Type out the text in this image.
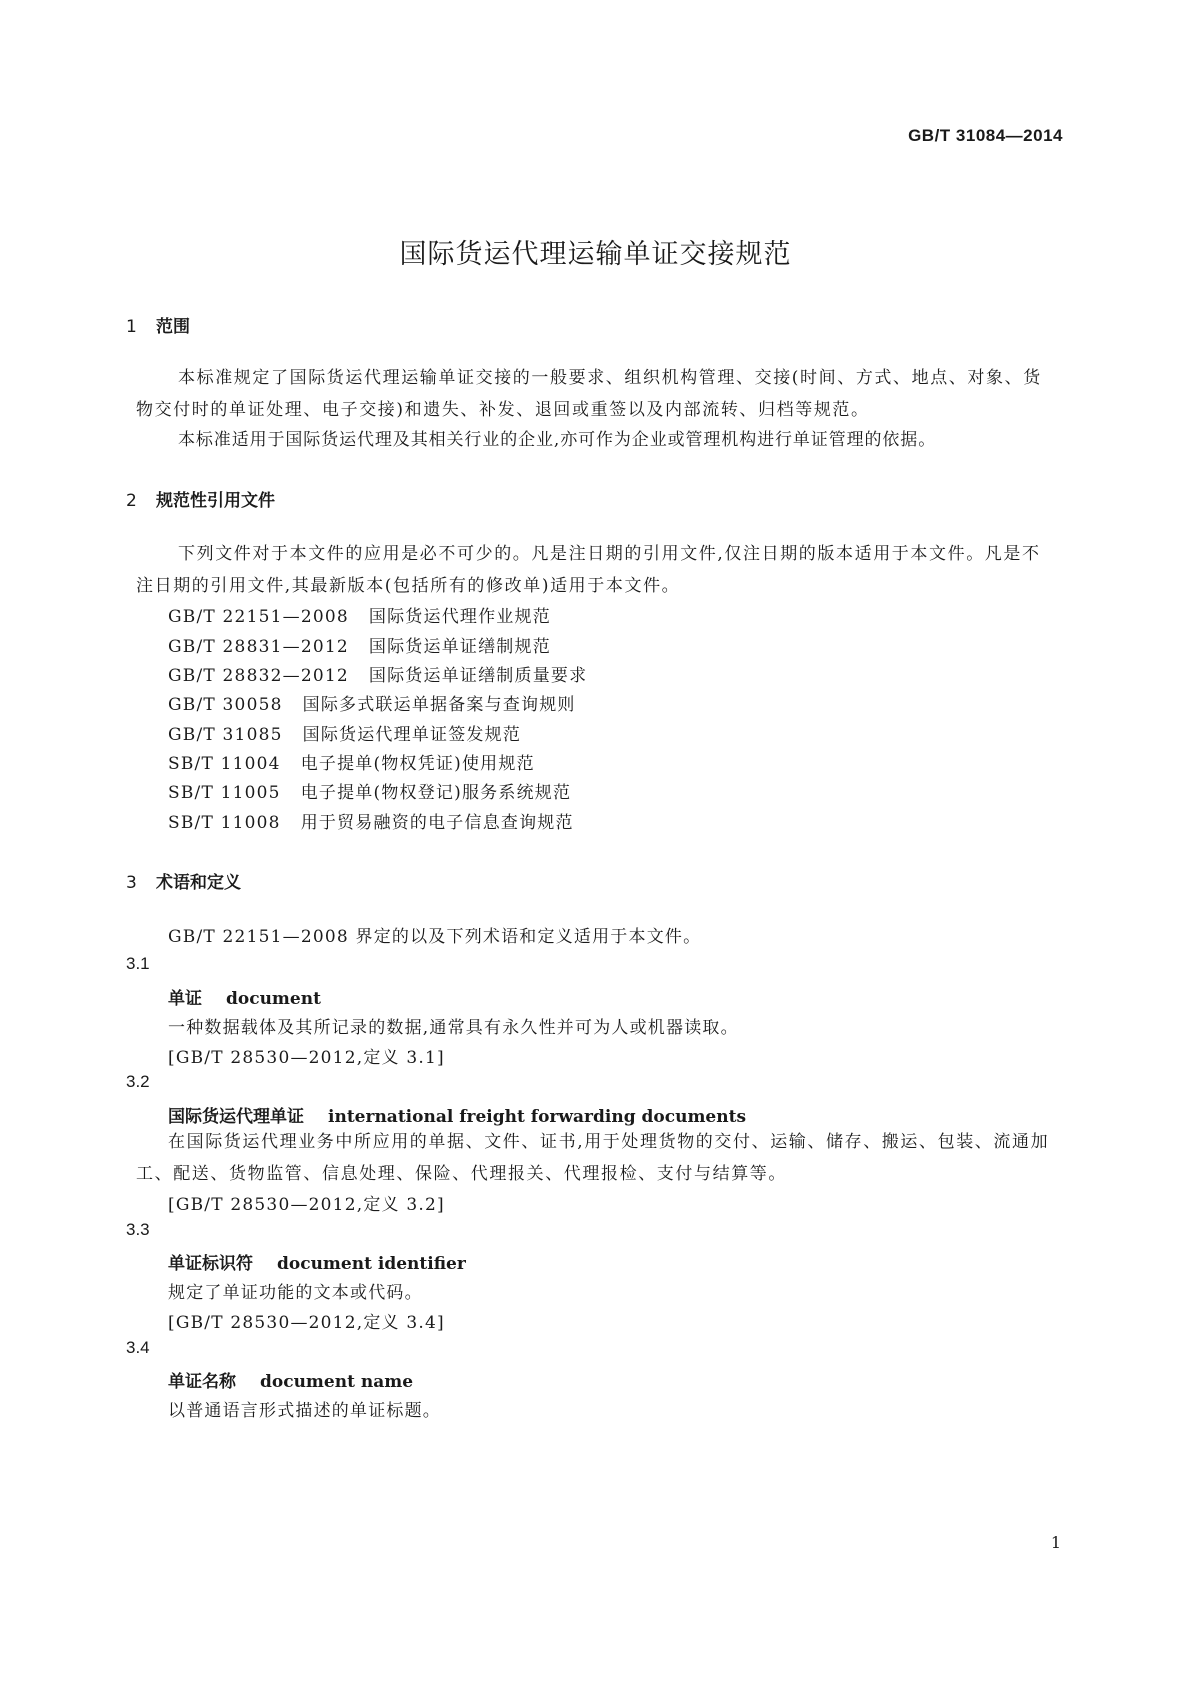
GB/T 31084—2014
国际货运代理运输单证交接规范
1 范围
本标准规定了国际货运代理运输单证交接的一般要求、组织机构管理、交接(时间、方式、地点、对象、货物交付时的单证处理、电子交接)和遗失、补发、退回或重签以及内部流转、归档等规范。
本标准适用于国际货运代理及其相关行业的企业,亦可作为企业或管理机构进行单证管理的依据。
2 规范性引用文件
下列文件对于本文件的应用是必不可少的。凡是注日期的引用文件,仅注日期的版本适用于本文件。凡是不注日期的引用文件,其最新版本(包括所有的修改单)适用于本文件。
GB/T 22151—2008 国际货运代理作业规范
GB/T 28831—2012 国际货运单证缮制规范
GB/T 28832—2012 国际货运单证缮制质量要求
GB/T 30058 国际多式联运单据备案与查询规则
GB/T 31085 国际货运代理单证签发规范
SB/T 11004 电子提单(物权凭证)使用规范
SB/T 11005 电子提单(物权登记)服务系统规范
SB/T 11008 用于贸易融资的电子信息查询规范
3 术语和定义
GB/T 22151—2008 界定的以及下列术语和定义适用于本文件。
3.1
单证 document
一种数据载体及其所记录的数据,通常具有永久性并可为人或机器读取。
[GB/T 28530—2012,定义 3.1]
3.2
国际货运代理单证 international freight forwarding documents
在国际货运代理业务中所应用的单据、文件、证书,用于处理货物的交付、运输、储存、搬运、包装、流通加工、配送、货物监管、信息处理、保险、代理报关、代理报检、支付与结算等。
[GB/T 28530—2012,定义 3.2]
3.3
单证标识符 document identifier
规定了单证功能的文本或代码。
[GB/T 28530—2012,定义 3.4]
3.4
单证名称 document name
以普通语言形式描述的单证标题。
1
